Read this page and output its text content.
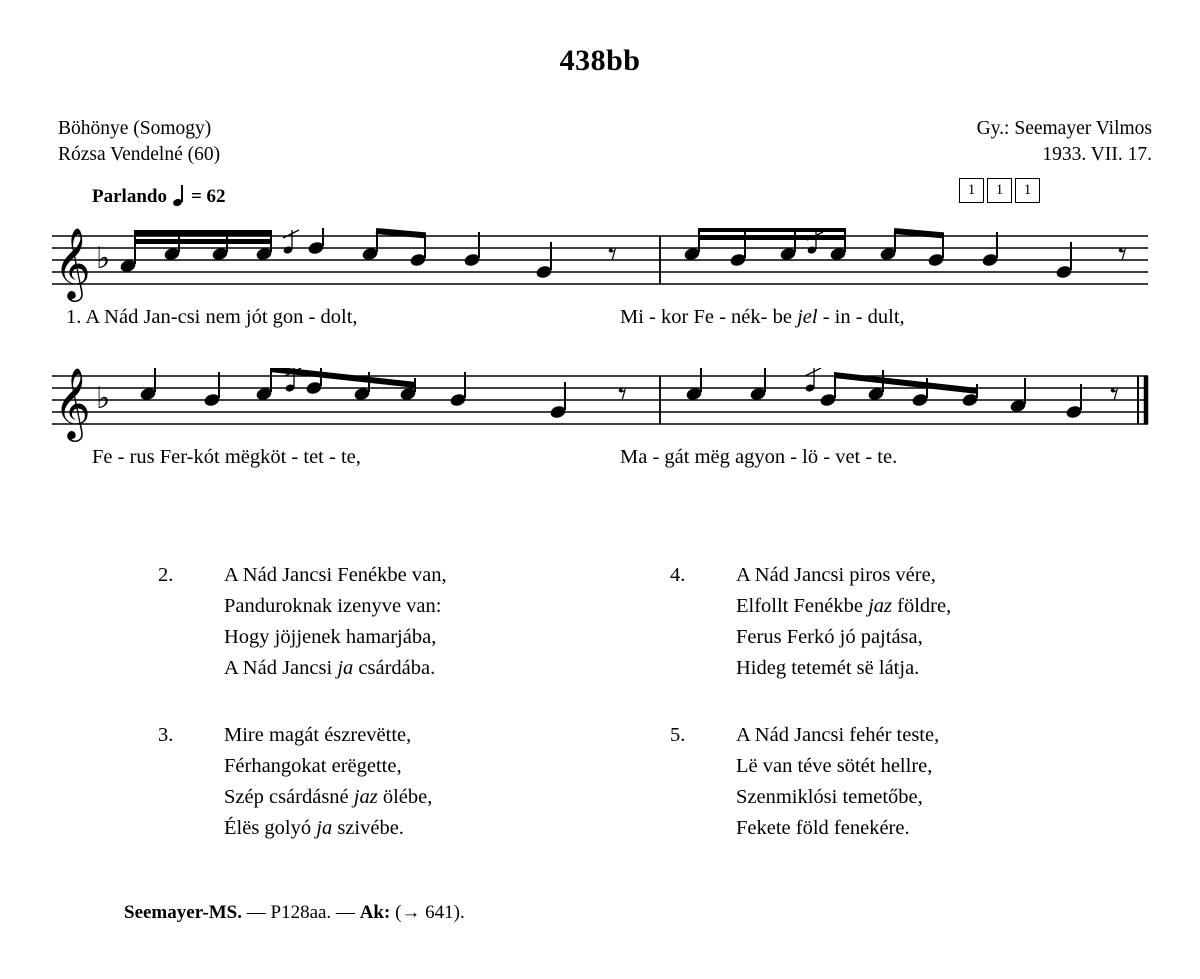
438bb
Böhönye (Somogy)
Rózsa Vendelné (60)
Gy.: Seemayer Vilmos
1933. VII. 17.
1	1	1
Parlando = 62
𝄞 ♭	𝄾	𝄾
1. A Nád Jan-csi nem jót gon - dolt,	Mi - kor Fe - nék- be jel - in - dult,
𝄞 ♭	𝄾	𝄾
Fe - rus Fer-kót mëgköt - tet - te,	Ma - gát mëg agyon - lö - vet - te.
2.	A Nád Jancsi Fenékbe van,
Panduroknak izenyve van:
Hogy jöjjenek hamarjába,
A Nád Jancsi ja csárdába.
3.	Mire magát észrevëtte,
Férhangokat erëgette,
Szép csárdásné jaz ölébe,
Élës golyó ja szivébe.
4.	A Nád Jancsi piros vére,
Elfollt Fenékbe jaz földre,
Ferus Ferkó jó pajtása,
Hideg tetemét së látja.
5.	A Nád Jancsi fehér teste,
Lë van téve sötét hellre,
Szenmiklósi temetőbe,
Fekete föld fenekére.
Seemayer-MS. — P128aa. — Ak: (→ 641).
